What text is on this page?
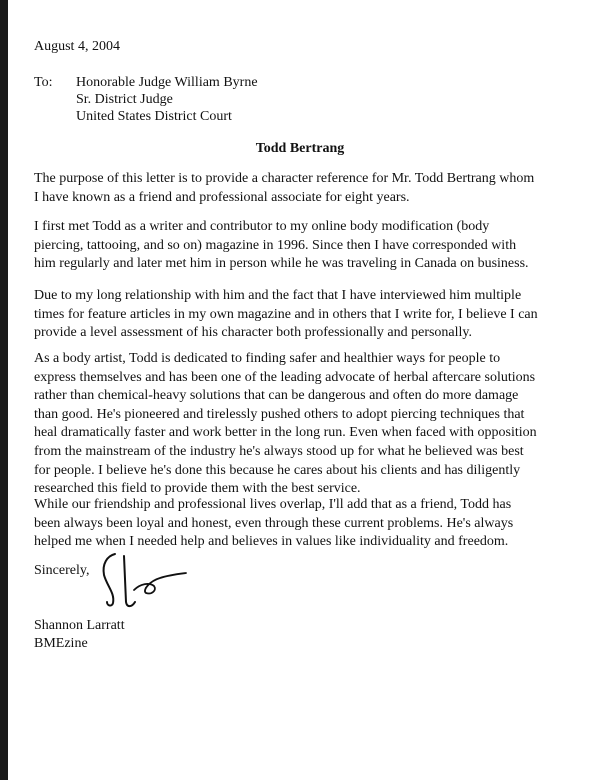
August 4, 2004
To: Honorable Judge William Byrne
Sr. District Judge
United States District Court
Todd Bertrang

The purpose of this letter is to provide a character reference for Mr. Todd Bertrang whom
I have known as a friend and professional associate for eight years.

I first met Todd as a writer and contributor to my online body modification (body
piercing, tattooing, and so on) magazine in 1996. Since then I have corresponded with
him regularly and later met him in person while he was traveling in Canada on business.

Due to my long relationship with him and the fact that I have interviewed him multiple
times for feature articles in my own magazine and in others that I write for, I believe I can
provide a level assessment of his character both professionally and personally.

As a body artist, Todd is dedicated to finding safer and healthier ways for people to
express themselves and has been one of the leading advocate of herbal aftercare solutions
rather than chemical-heavy solutions that can be dangerous and often do more damage
than good. He's pioneered and tirelessly pushed others to adopt piercing techniques that
heal dramatically faster and work better in the long run. Even when faced with opposition
from the mainstream of the industry he's always stood up for what he believed was best
for people. I believe he's done this because he cares about his clients and has diligently
researched this field to provide them with the best service.

While our friendship and professional lives overlap, I'll add that as a friend, Todd has
been always been loyal and honest, even through these current problems. He's always
helped me when I needed help and believes in values like individuality and freedom.

Sincerely,
Shannon Larratt
BMEzine
